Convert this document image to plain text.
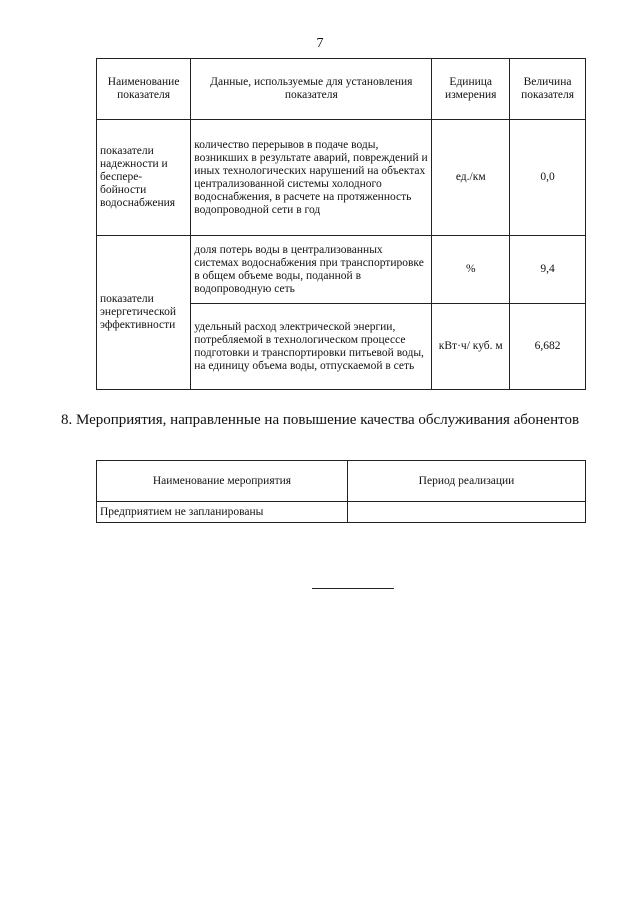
7
Наименование показателя	Данные, используемые для установления показателя	Единица измерения	Величина показателя
показатели надежности и беспере-бойности водоснабжения	количество перерывов в подаче воды, возникших в результате аварий, повреждений и иных технологических нарушений на объектах централизованной системы холодного водоснабжения, в расчете на протяженность водопроводной сети в год	ед./км	0,0
показатели энергетической эффективности	доля потерь воды в централизованных системах водоснабжения при транспортировке в общем объеме воды, поданной в водопроводную сеть	%	9,4
	удельный расход электрической энергии, потребляемой в технологическом процессе подготовки и транспортировки питьевой воды, на единицу объема воды, отпускаемой в сеть	кВт·ч/ куб. м	6,682
8. Мероприятия, направленные на повышение качества обслуживания абонентов
Наименование мероприятия	Период реализации
Предприятием не запланированы	
